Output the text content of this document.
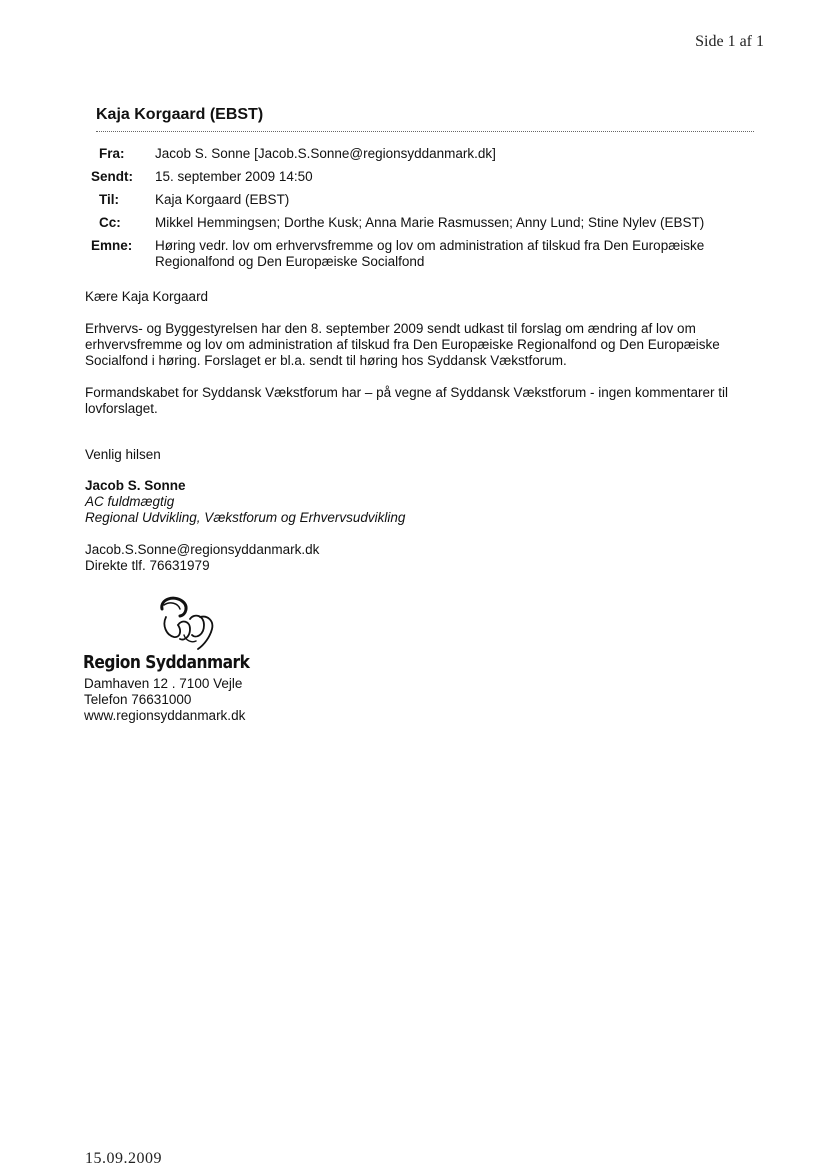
Side 1 af 1
Kaja Korgaard (EBST)
Fra:	Jacob S. Sonne [Jacob.S.Sonne@regionsyddanmark.dk]
Sendt:	15. september 2009 14:50
Til:	Kaja Korgaard (EBST)
Cc:	Mikkel Hemmingsen; Dorthe Kusk; Anna Marie Rasmussen; Anny Lund; Stine Nylev (EBST)
Emne:	Høring vedr. lov om erhvervsfremme og lov om administration af tilskud fra Den Europæiske Regionalfond og Den Europæiske Socialfond

Kære Kaja Korgaard

Erhvervs- og Byggestyrelsen har den 8. september 2009 sendt udkast til forslag om ændring af lov om erhvervsfremme og lov om administration af tilskud fra Den Europæiske Regionalfond og Den Europæiske Socialfond i høring. Forslaget er bl.a. sendt til høring hos Syddansk Vækstforum.

Formandskabet for Syddansk Vækstforum har – på vegne af Syddansk Vækstforum - ingen kommentarer til lovforslaget.

Venlig hilsen

Jacob S. Sonne

AC fuldmægtig

Regional Udvikling, Vækstforum og Erhvervsudvikling

Jacob.S.Sonne@regionsyddanmark.dk

Direkte tlf. 76631979

Region Syddanmark
Damhaven 12 . 7100 Vejle
Telefon 76631000
www.regionsyddanmark.dk
15.09.2009
